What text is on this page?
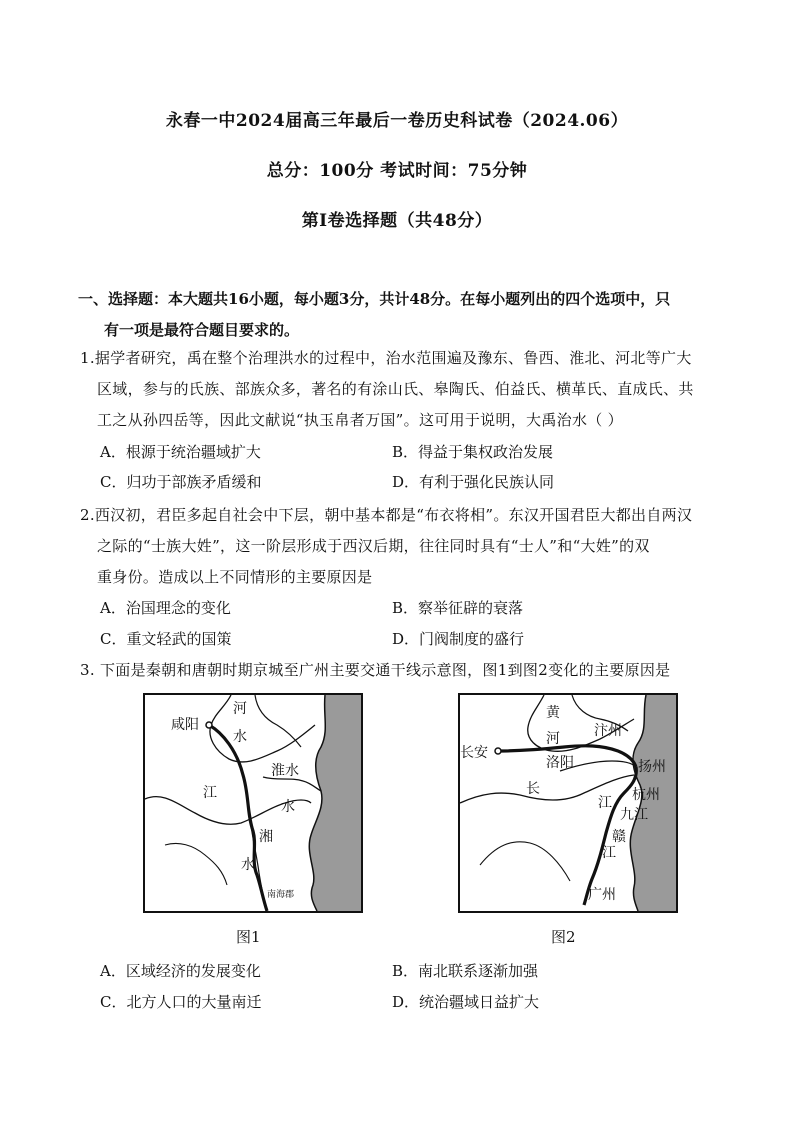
永春一中2024届高三年最后一卷历史科试卷（2024.06）
总分：100分 考试时间：75分钟
第Ⅰ卷选择题（共48分）
一、选择题：本大题共16小题，每小题3分，共计48分。在每小题列出的四个选项中，只
有一项是最符合题目要求的。
1.据学者研究，禹在整个治理洪水的过程中，治水范围遍及豫东、鲁西、淮北、河北等广大
区域，参与的氏族、部族众多，著名的有涂山氏、皋陶氏、伯益氏、横革氏、直成氏、共
工之从孙四岳等，因此文献说“执玉帛者万国”。这可用于说明，大禹治水（ ）
A．根源于统治疆域扩大	B．得益于集权政治发展
C．归功于部族矛盾缓和	D．有利于强化民族认同
2.西汉初，君臣多起自社会中下层，朝中基本都是“布衣将相”。东汉开国君臣大都出自两汉
之际的“士族大姓”，这一阶层形成于西汉后期，往往同时具有“士人”和“大姓”的双
重身份。造成以上不同情形的主要原因是
A．治国理念的变化	B．察举征辟的衰落
C．重文轻武的国策	D．门阀制度的盛行
3. 下面是秦朝和唐朝时期京城至广州主要交通干线示意图，图1到图2变化的主要原因是
河
水
咸阳
淮水
江
水
湘
水
南海郡
图1
黄
河 汴州
长安
洛阳	扬州
长
江 杭州
九江
赣
江
广州
图2
A．区域经济的发展变化	B．南北联系逐渐加强
C．北方人口的大量南迁	D．统治疆域日益扩大
